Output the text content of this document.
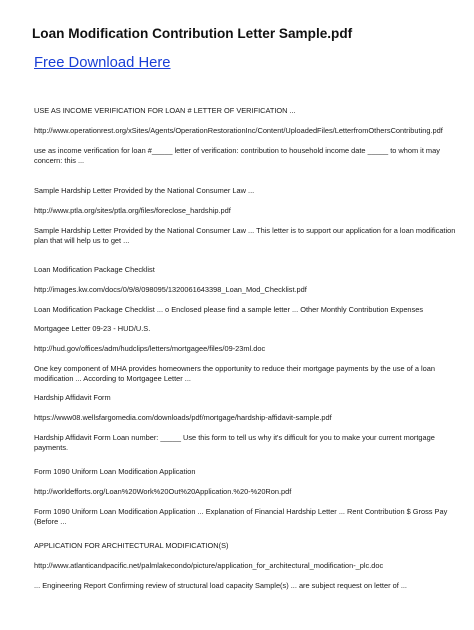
Loan Modification Contribution Letter Sample.pdf
Free Download Here
USE AS INCOME VERIFICATION FOR LOAN # LETTER OF VERIFICATION ...
http://www.operationrest.org/xSites/Agents/OperationRestorationInc/Content/UploadedFiles/LetterfromOthersContributing.pdf
use as income verification for loan #_____ letter of verification: contribution to household income date _____ to whom it may concern: this ...
Sample Hardship Letter Provided by the National Consumer Law ...
http://www.ptla.org/sites/ptla.org/files/foreclose_hardship.pdf
Sample Hardship Letter Provided by the National Consumer Law ... This letter is to support our application for a loan modification plan that will help us to get ...
Loan Modification Package Checklist
http://images.kw.com/docs/0/9/8/098095/1320061643398_Loan_Mod_Checklist.pdf
Loan Modification Package Checklist ... o Enclosed please find a sample letter ... Other Monthly Contribution Expenses
Mortgagee Letter 09-23 - HUD/U.S.
http://hud.gov/offices/adm/hudclips/letters/mortgagee/files/09-23ml.doc
One key component of MHA provides homeowners the opportunity to reduce their mortgage payments by the use of a loan modification ... According to Mortgagee Letter ...
Hardship Affidavit Form
https://www08.wellsfargomedia.com/downloads/pdf/mortgage/hardship-affidavit-sample.pdf
Hardship Affidavit Form Loan number: _____ Use this form to tell us why it's difficult for you to make your current mortgage payments.
Form 1090 Uniform Loan Modification Application
http://worldefforts.org/Loan%20Work%20Out%20Application.%20-%20Ron.pdf
Form 1090 Uniform Loan Modification Application ... Explanation of Financial Hardship Letter ... Rent Contribution $ Gross Pay (Before ...
APPLICATION FOR ARCHITECTURAL MODIFICATION(S)
http://www.atlanticandpacific.net/palmlakecondo/picture/application_for_architectural_modification-_plc.doc
... Engineering Report Confirming review of structural load capacity Sample(s) ... are subject request on letter of ...
